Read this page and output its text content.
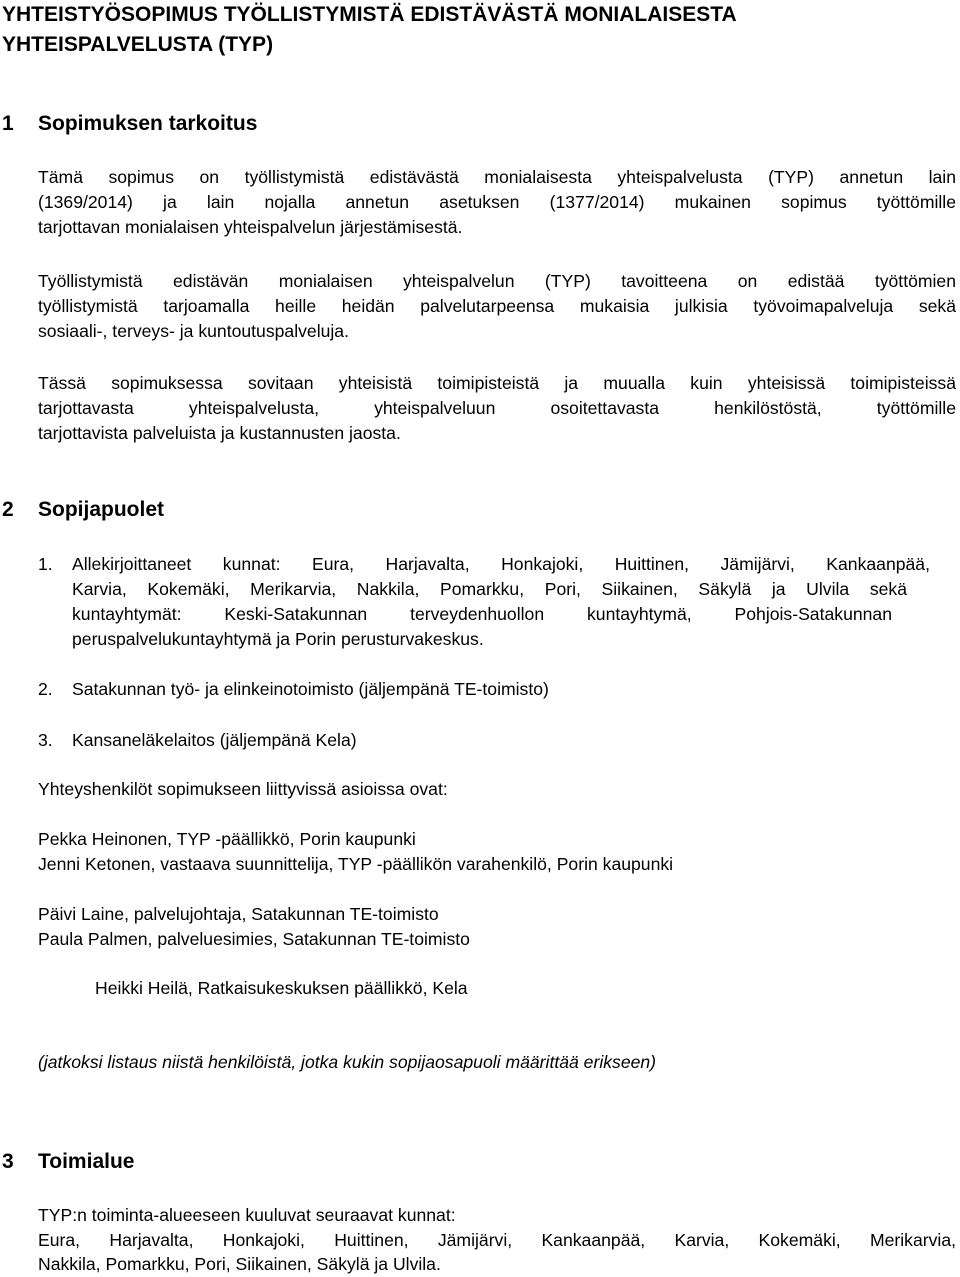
YHTEISTYÖSOPIMUS TYÖLLISTYMISTÄ EDISTÄVÄSTÄ MONIALAISESTA
YHTEISPALVELUSTA (TYP)
1 Sopimuksen tarkoitus
Tämä sopimus on työllistymistä edistävästä monialaisesta yhteispalvelusta (TYP) annetun lain
(1369/2014) ja lain nojalla annetun asetuksen (1377/2014) mukainen sopimus työttömille
tarjottavan monialaisen yhteispalvelun järjestämisestä.
Työllistymistä edistävän monialaisen yhteispalvelun (TYP) tavoitteena on edistää työttömien
työllistymistä tarjoamalla heille heidän palvelutarpeensa mukaisia julkisia työvoimapalveluja sekä
sosiaali-, terveys- ja kuntoutuspalveluja.
Tässä sopimuksessa sovitaan yhteisistä toimipisteistä ja muualla kuin yhteisissä toimipisteissä
tarjottavasta yhteispalvelusta, yhteispalveluun osoitettavasta henkilöstöstä, työttömille
tarjottavista palveluista ja kustannusten jaosta.
2 Sopijapuolet
1. Allekirjoittaneet kunnat: Eura, Harjavalta, Honkajoki, Huittinen, Jämijärvi, Kankaanpää,
Karvia, Kokemäki, Merikarvia, Nakkila, Pomarkku, Pori, Siikainen, Säkylä ja Ulvila sekä
kuntayhtymät: Keski-Satakunnan terveydenhuollon kuntayhtymä, Pohjois-Satakunnan
peruspalvelukuntayhtymä ja Porin perusturvakeskus.
2. Satakunnan työ- ja elinkeinotoimisto (jäljempänä TE-toimisto)
3. Kansaneläkelaitos (jäljempänä Kela)
Yhteyshenkilöt sopimukseen liittyvissä asioissa ovat:
Pekka Heinonen, TYP -päällikkö, Porin kaupunki
Jenni Ketonen, vastaava suunnittelija, TYP -päällikön varahenkilö, Porin kaupunki
Päivi Laine, palvelujohtaja, Satakunnan TE-toimisto
Paula Palmen, palveluesimies, Satakunnan TE-toimisto
Heikki Heilä, Ratkaisukeskuksen päällikkö, Kela
(jatkoksi listaus niistä henkilöistä, jotka kukin sopijaosapuoli määrittää erikseen)
3 Toimialue
TYP:n toiminta-alueeseen kuuluvat seuraavat kunnat:
Eura, Harjavalta, Honkajoki, Huittinen, Jämijärvi, Kankaanpää, Karvia, Kokemäki, Merikarvia,
Nakkila, Pomarkku, Pori, Siikainen, Säkylä ja Ulvila.
